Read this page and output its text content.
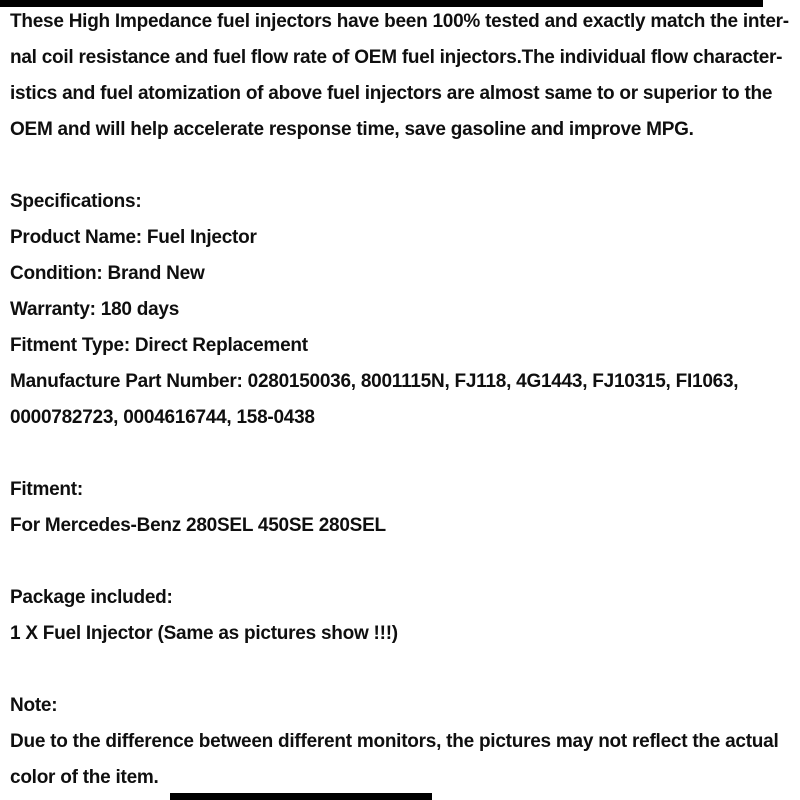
These High Impedance fuel injectors have been 100% tested and exactly match the inter-
nal coil resistance and fuel flow rate of OEM fuel injectors.The individual flow character-
istics and fuel atomization of above fuel injectors are almost same to or superior to the
OEM and will help accelerate response time, save gasoline and improve MPG.
Specifications:
Product Name: Fuel Injector
Condition: Brand New
Warranty: 180 days
Fitment Type: Direct Replacement
Manufacture Part Number: 0280150036, 8001115N, FJ118, 4G1443, FJ10315, FI1063,
0000782723, 0004616744, 158-0438
Fitment:
For Mercedes-Benz 280SEL 450SE 280SEL
Package included:
1 X Fuel Injector (Same as pictures show !!!)
Note:
Due to the difference between different monitors, the pictures may not reflect the actual
color of the item.
